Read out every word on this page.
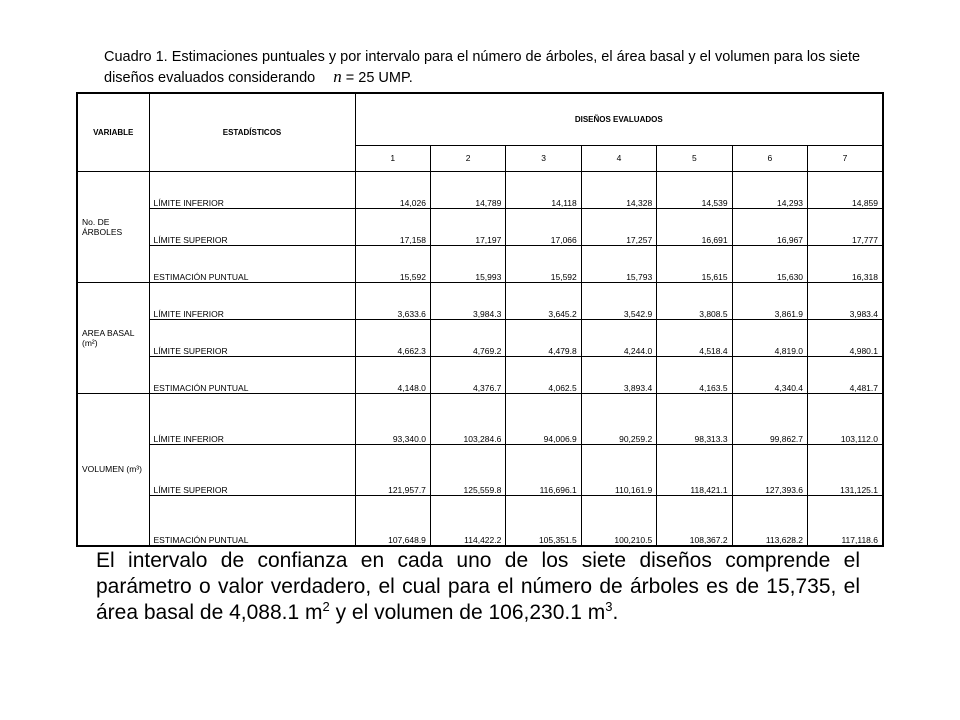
Cuadro 1. Estimaciones puntuales y por intervalo para el número de árboles, el área basal y el volumen para los siete diseños evaluados considerando n = 25 UMP.
VARIABLE	ESTADÍSTICOS	DISEÑOS EVALUADOS						
		1	2	3	4	5	6	7
No. DE ÁRBOLES	LÍMITE INFERIOR	14,026	14,789	14,118	14,328	14,539	14,293	14,859
	LÍMITE SUPERIOR	17,158	17,197	17,066	17,257	16,691	16,967	17,777
	ESTIMACIÓN PUNTUAL	15,592	15,993	15,592	15,793	15,615	15,630	16,318
AREA BASAL (m²)	LÍMITE INFERIOR	3,633.6	3,984.3	3,645.2	3,542.9	3,808.5	3,861.9	3,983.4
	LÍMITE SUPERIOR	4,662.3	4,769.2	4,479.8	4,244.0	4,518.4	4,819.0	4,980.1
	ESTIMACIÓN PUNTUAL	4,148.0	4,376.7	4,062.5	3,893.4	4,163.5	4,340.4	4,481.7
VOLUMEN (m³)	LÍMITE INFERIOR	93,340.0	103,284.6	94,006.9	90,259.2	98,313.3	99,862.7	103,112.0
	LÍMITE SUPERIOR	121,957.7	125,559.8	116,696.1	110,161.9	118,421.1	127,393.6	131,125.1
	ESTIMACIÓN PUNTUAL	107,648.9	114,422.2	105,351.5	100,210.5	108,367.2	113,628.2	117,118.6

El intervalo de confianza en cada uno de los siete diseños comprende el parámetro o valor verdadero, el cual para el número de árboles es de 15,735, el área basal de 4,088.1 $m^2$ y el volumen de 106,230.1 $m^3$.
